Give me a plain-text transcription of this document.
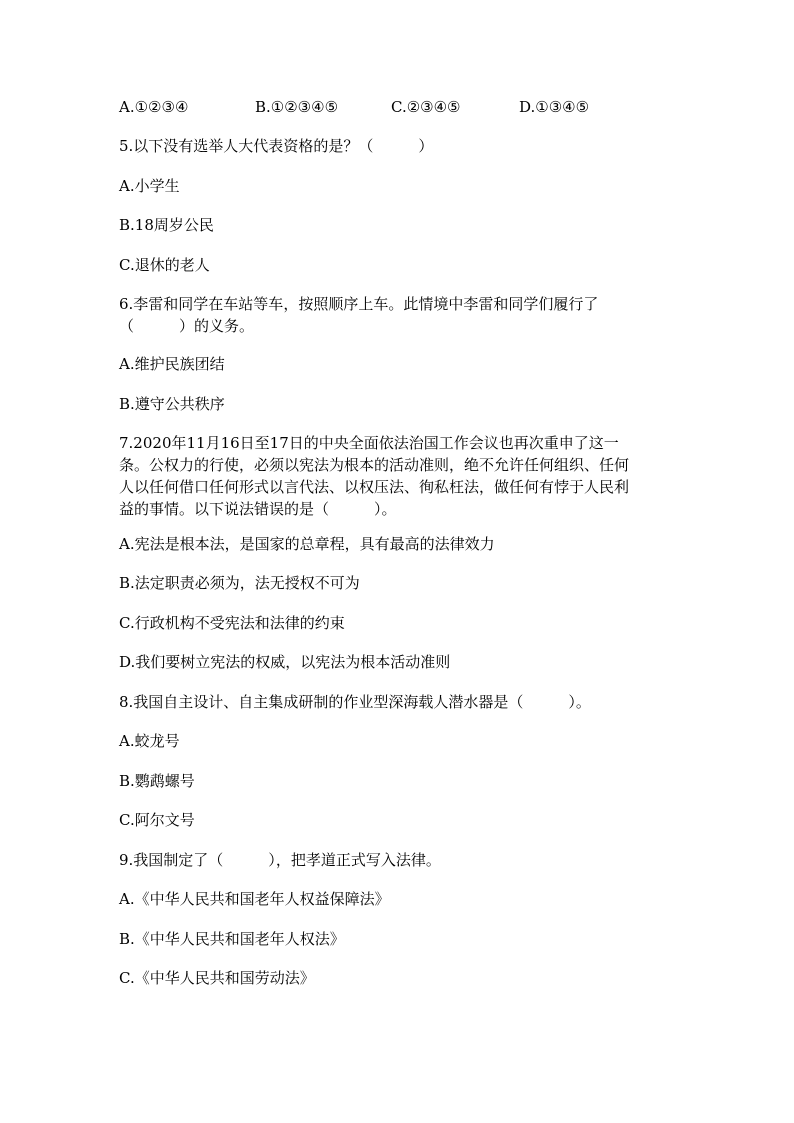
A.①②③④	B.①②③④⑤	C.②③④⑤	D.①③④⑤
5.以下没有选举人大代表资格的是？（　　　）
A.小学生
B.18周岁公民
C.退休的老人
6.李雷和同学在车站等车，按照顺序上车。此情境中李雷和同学们履行了
（　　　）的义务。
A.维护民族团结
B.遵守公共秩序
7.2020年11月16日至17日的中央全面依法治国工作会议也再次重申了这一
条。公权力的行使，必须以宪法为根本的活动准则，绝不允许任何组织、任何
人以任何借口任何形式以言代法、以权压法、徇私枉法，做任何有悖于人民利
益的事情。以下说法错误的是（　　　）。
A.宪法是根本法，是国家的总章程，具有最高的法律效力
B.法定职责必须为，法无授权不可为
C.行政机构不受宪法和法律的约束
D.我们要树立宪法的权威，以宪法为根本活动准则
8.我国自主设计、自主集成研制的作业型深海载人潜水器是（　　　）。
A.蛟龙号
B.鹦鹉螺号
C.阿尔文号
9.我国制定了（　　　），把孝道正式写入法律。
A.《中华人民共和国老年人权益保障法》
B.《中华人民共和国老年人权法》
C.《中华人民共和国劳动法》
